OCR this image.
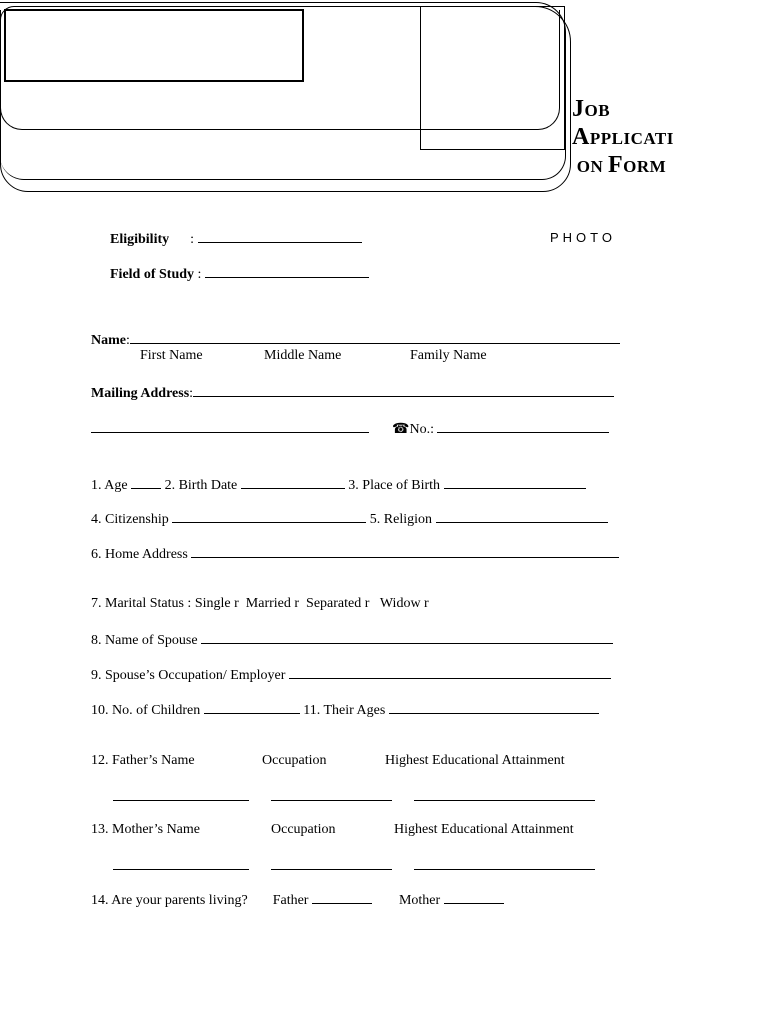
JOB
APPLICATI
ON FORM
Eligibility :	PHOTO
Field of Study :
Name:
First Name	Middle Name	Family Name
Mailing Address:
☎No.:
1. Age	2. Birth Date	3. Place of Birth
4. Citizenship	5. Religion
6. Home Address
7. Marital Status : Single r Married r Separated r Widow r
8. Name of Spouse
9. Spouse’s Occupation/ Employer
10. No. of Children	11. Their Ages
12. Father’s Name	Occupation	Highest Educational Attainment
13. Mother’s Name	Occupation	Highest Educational Attainment
14. Are your parents living? Father	Mother
